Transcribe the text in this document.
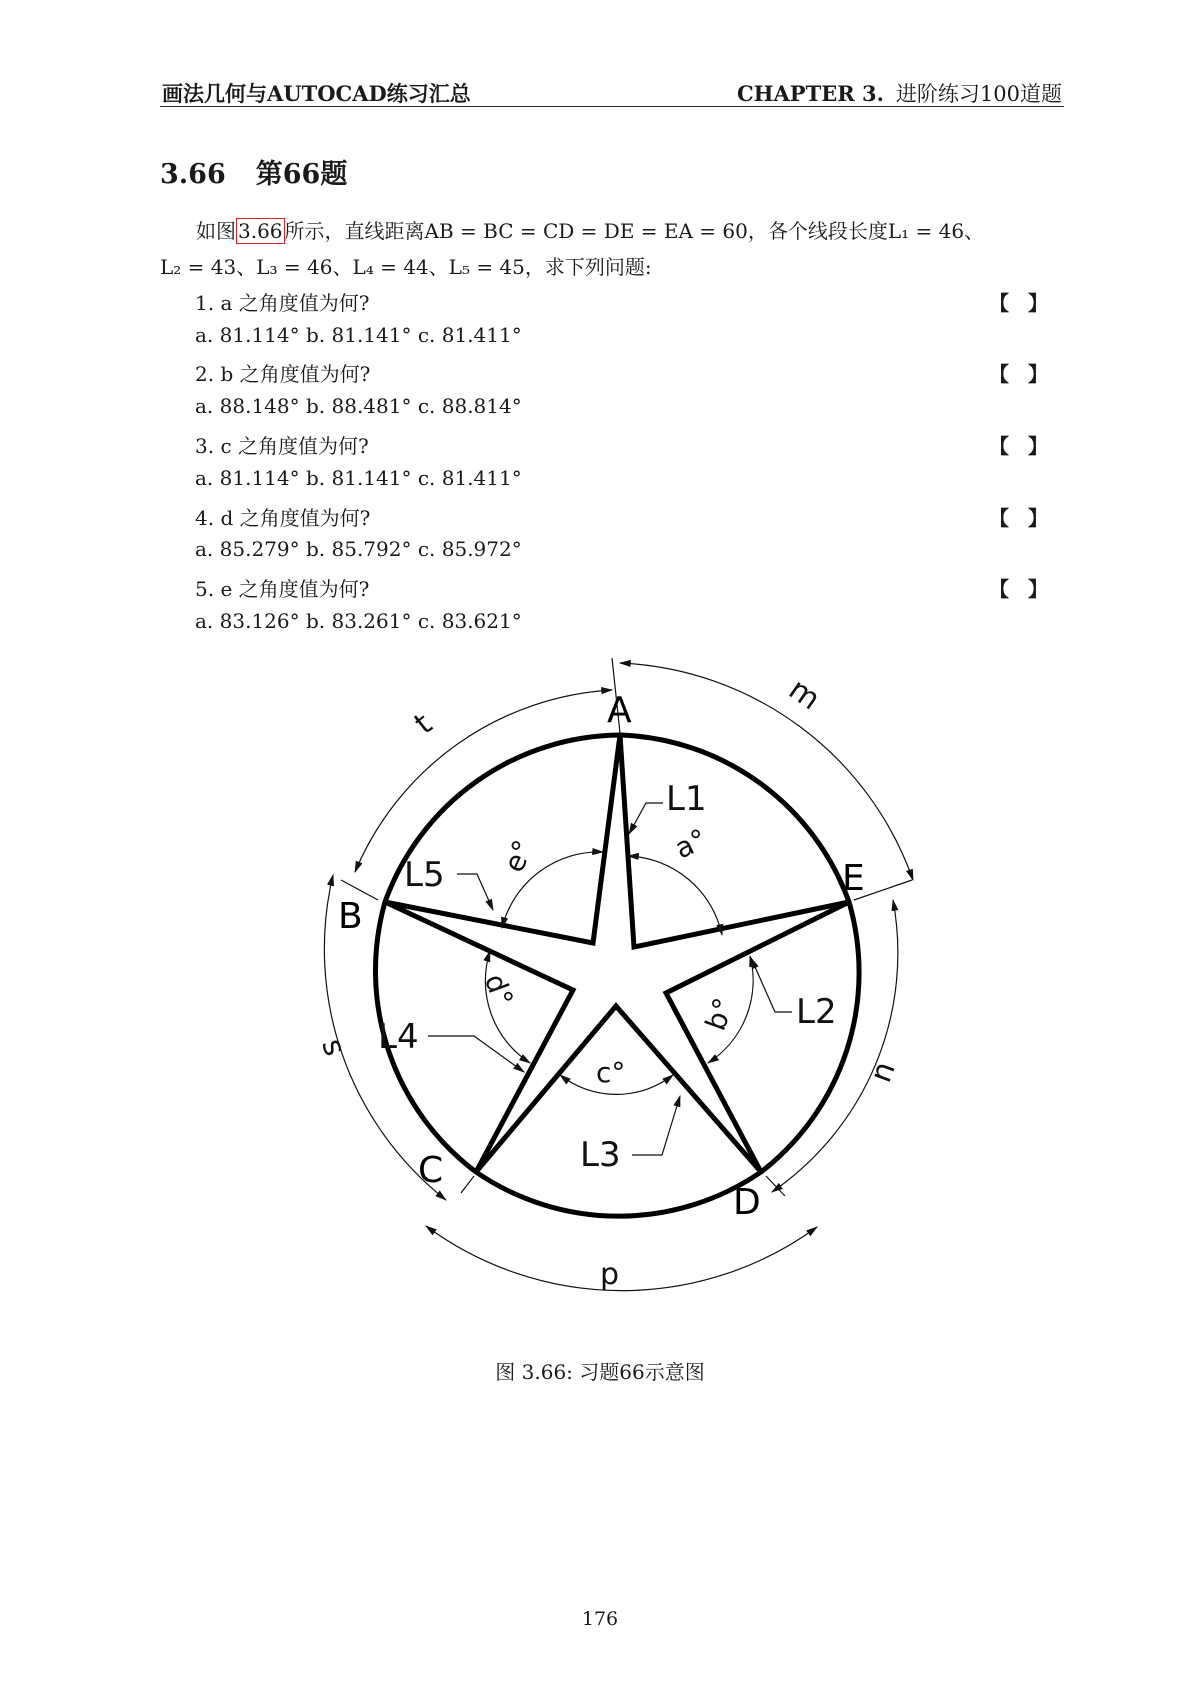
画法几何与AUTOCAD练习汇总	CHAPTER 3. 进阶练习100道题
3.66 第66题
如图 3.66 所示，直线距离AB = BC = CD = DE = EA = 60，各个线段长度L₁ = 46、
L₂ = 43、L₃ = 46、L₄ = 44、L₅ = 45，求下列问题:
1. a 之角度值为何?	【 】
a. 81.114° b. 81.141° c. 81.411°
2. b 之角度值为何?	【 】
a. 88.148° b. 88.481° c. 88.814°
3. c 之角度值为何?	【 】
a. 81.114° b. 81.141° c. 81.411°
4. d 之角度值为何?	【 】
a. 85.279° b. 85.792° c. 85.972°
5. e 之角度值为何?	【 】
a. 83.126° b. 83.261° c. 83.621°
A
B
C
D
E
m
t
n
s
p
L1
L5
L2
L4
L3
a°
e°
b°
d°
c°
图 3.66: 习题66示意图
176
